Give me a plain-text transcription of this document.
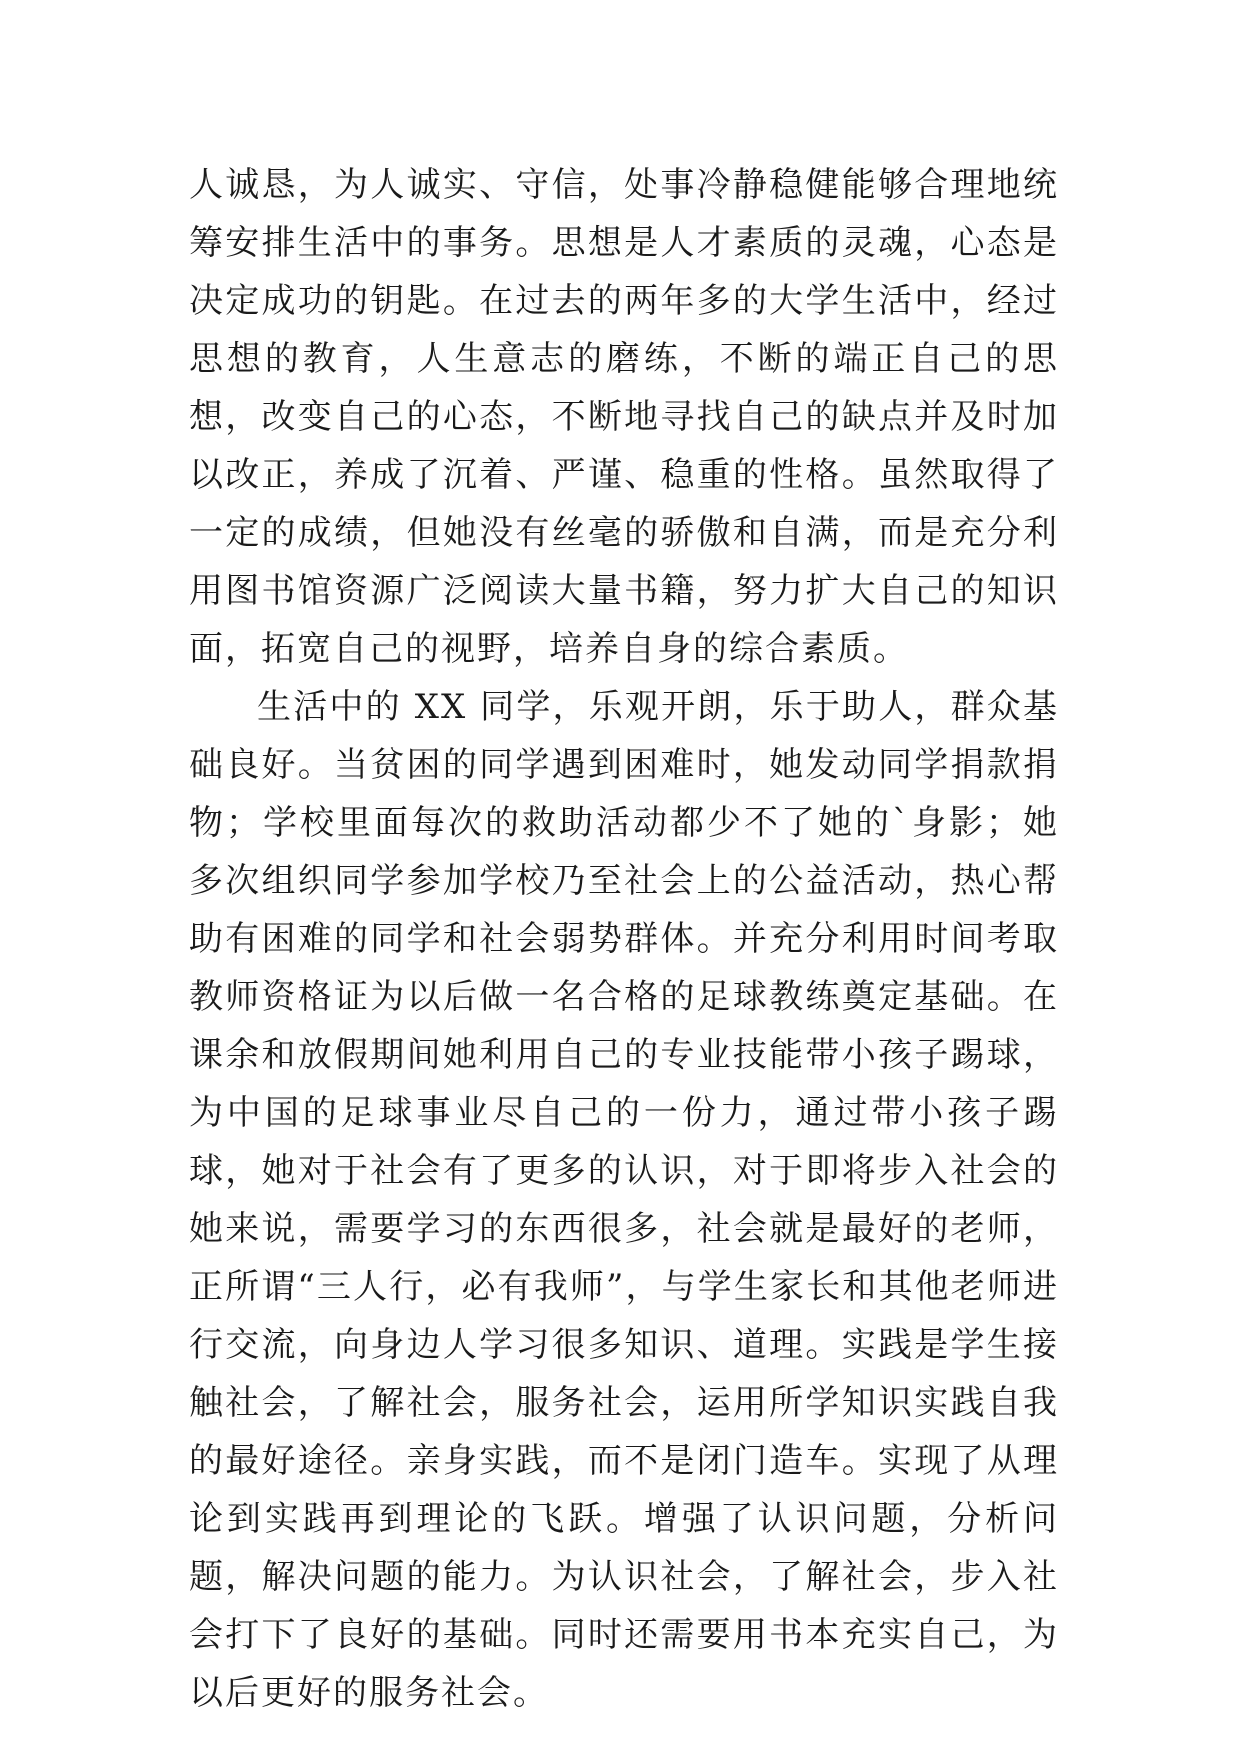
人诚恳，为人诚实、守信，处事冷静稳健能够合理地统筹安排生活中的事务。思想是人才素质的灵魂，心态是决定成功的钥匙。在过去的两年多的大学生活中，经过思想的教育，人生意志的磨练，不断的端正自己的思想，改变自己的心态，不断地寻找自己的缺点并及时加以改正，养成了沉着、严谨、稳重的性格。虽然取得了一定的成绩，但她没有丝毫的骄傲和自满，而是充分利用图书馆资源广泛阅读大量书籍，努力扩大自己的知识面，拓宽自己的视野，培养自身的综合素质。

生活中的 XX 同学，乐观开朗，乐于助人，群众基础良好。当贫困的同学遇到困难时，她发动同学捐款捐物；学校里面每次的救助活动都少不了她的`身影；她多次组织同学参加学校乃至社会上的公益活动，热心帮助有困难的同学和社会弱势群体。并充分利用时间考取教师资格证为以后做一名合格的足球教练奠定基础。在课余和放假期间她利用自己的专业技能带小孩子踢球，为中国的足球事业尽自己的一份力，通过带小孩子踢球，她对于社会有了更多的认识，对于即将步入社会的她来说，需要学习的东西很多，社会就是最好的老师，正所谓“三人行，必有我师”，与学生家长和其他老师进行交流，向身边人学习很多知识、道理。实践是学生接触社会，了解社会，服务社会，运用所学知识实践自我的最好途径。亲身实践，而不是闭门造车。实现了从理论到实践再到理论的飞跃。增强了认识问题，分析问题，解决问题的能力。为认识社会，了解社会，步入社会打下了良好的基础。同时还需要用书本充实自己，为以后更好的服务社会。
